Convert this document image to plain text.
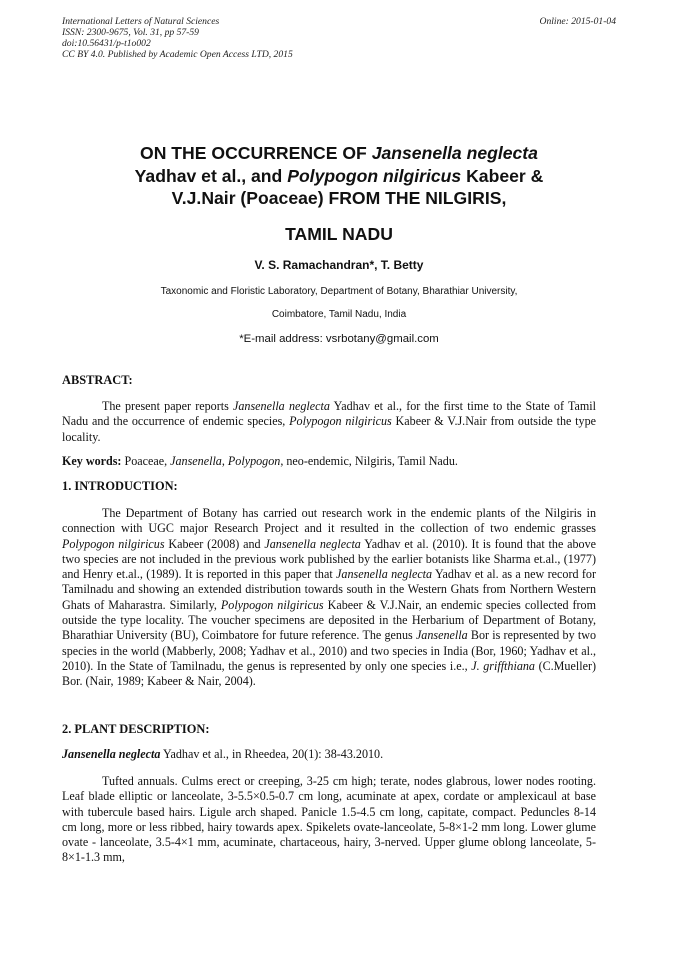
International Letters of Natural Sciences
ISSN: 2300-9675, Vol. 31, pp 57-59
doi:10.56431/p-t1o002
CC BY 4.0. Published by Academic Open Access LTD, 2015
Online: 2015-01-04
ON THE OCCURRENCE OF Jansenella neglecta
Yadhav et al., and Polypogon nilgiricus Kabeer &
V.J.Nair (Poaceae) FROM THE NILGIRIS,
TAMIL NADU
V. S. Ramachandran*, T. Betty
Taxonomic and Floristic Laboratory, Department of Botany, Bharathiar University,
Coimbatore, Tamil Nadu, India
*E-mail address: vsrbotany@gmail.com
ABSTRACT:
The present paper reports Jansenella neglecta Yadhav et al., for the first time to the State of Tamil Nadu and the occurrence of endemic species, Polypogon nilgiricus Kabeer & V.J.Nair from outside the type locality.
Key words: Poaceae, Jansenella, Polypogon, neo-endemic, Nilgiris, Tamil Nadu.
1. INTRODUCTION:
The Department of Botany has carried out research work in the endemic plants of the Nilgiris in connection with UGC major Research Project and it resulted in the collection of two endemic grasses Polypogon nilgiricus Kabeer (2008) and Jansenella neglecta Yadhav et al. (2010). It is found that the above two species are not included in the previous work published by the earlier botanists like Sharma et.al., (1977) and Henry et.al., (1989). It is reported in this paper that Jansenella neglecta Yadhav et al. as a new record for Tamilnadu and showing an extended distribution towards south in the Western Ghats from Northern Western Ghats of Maharastra. Similarly, Polypogon nilgiricus Kabeer & V.J.Nair, an endemic species collected from outside the type locality. The voucher specimens are deposited in the Herbarium of Department of Botany, Bharathiar University (BU), Coimbatore for future reference. The genus Jansenella Bor is represented by two species in the world (Mabberly, 2008; Yadhav et al., 2010) and two species in India (Bor, 1960; Yadhav et al., 2010). In the State of Tamilnadu, the genus is represented by only one species i.e., J. griffthiana (C.Mueller) Bor. (Nair, 1989; Kabeer & Nair, 2004).
2. PLANT DESCRIPTION:
Jansenella neglecta Yadhav et al., in Rheedea, 20(1): 38-43.2010.
Tufted annuals. Culms erect or creeping, 3-25 cm high; terate, nodes glabrous, lower nodes rooting. Leaf blade elliptic or lanceolate, 3-5.5×0.5-0.7 cm long, acuminate at apex, cordate or amplexicaul at base with tubercule based hairs. Ligule arch shaped. Panicle 1.5-4.5 cm long, capitate, compact. Peduncles 8-14 cm long, more or less ribbed, hairy towards apex. Spikelets ovate-lanceolate, 5-8×1-2 mm long. Lower glume ovate - lanceolate, 3.5-4×1 mm, acuminate, chartaceous, hairy, 3-nerved. Upper glume oblong lanceolate, 5-8×1-1.3 mm,
